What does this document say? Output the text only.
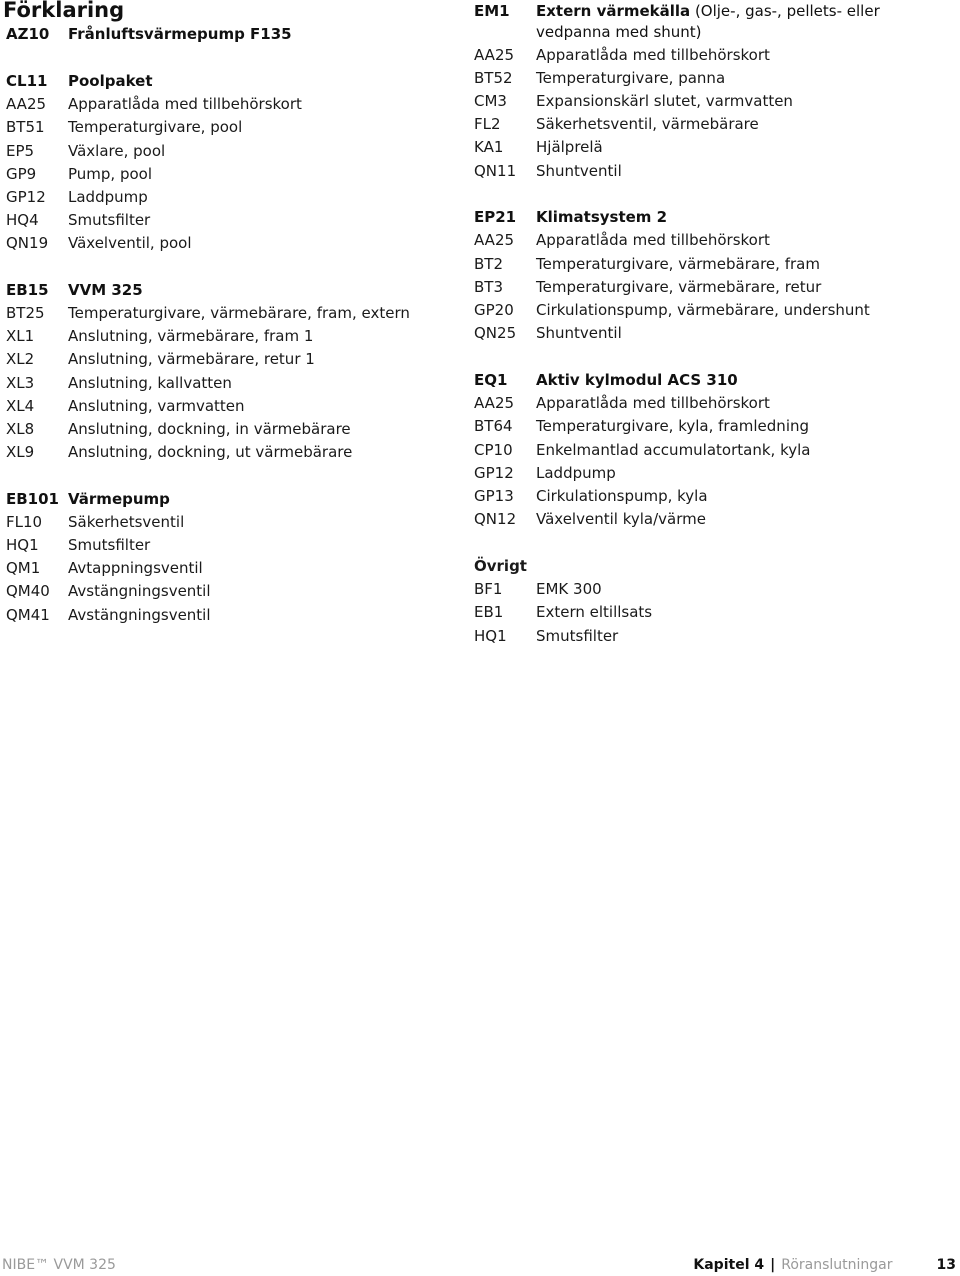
Förklaring
AZ10	Frånluftsvärmepump F135
CL11	Poolpaket
AA25	Apparatlåda med tillbehörskort
BT51	Temperaturgivare, pool
EP5	Växlare, pool
GP9	Pump, pool
GP12	Laddpump
HQ4	Smutsfilter
QN19	Växelventil, pool
EB15	VVM 325
BT25	Temperaturgivare, värmebärare, fram, extern
XL1	Anslutning, värmebärare, fram 1
XL2	Anslutning, värmebärare, retur 1
XL3	Anslutning, kallvatten
XL4	Anslutning, varmvatten
XL8	Anslutning, dockning, in värmebärare
XL9	Anslutning, dockning, ut värmebärare
EB101 Värmepump
FL10	Säkerhetsventil
HQ1	Smutsfilter
QM1	Avtappningsventil
QM40	Avstängningsventil
QM41	Avstängningsventil
EM1	Extern värmekälla (Olje-, gas-, pellets- eller
vedpanna med shunt)
AA25	Apparatlåda med tillbehörskort
BT52	Temperaturgivare, panna
CM3	Expansionskärl slutet, varmvatten
FL2	Säkerhetsventil, värmebärare
KA1	Hjälprelä
QN11	Shuntventil
EP21	Klimatsystem 2
AA25	Apparatlåda med tillbehörskort
BT2	Temperaturgivare, värmebärare, fram
BT3	Temperaturgivare, värmebärare, retur
GP20	Cirkulationspump, värmebärare, undershunt
QN25	Shuntventil
EQ1	Aktiv kylmodul ACS 310
AA25	Apparatlåda med tillbehörskort
BT64	Temperaturgivare, kyla, framledning
CP10	Enkelmantlad accumulatortank, kyla
GP12	Laddpump
GP13	Cirkulationspump, kyla
QN12	Växelventil kyla/värme
Övrigt
BF1	EMK 300
EB1	Extern eltillsats
HQ1	Smutsfilter
NIBE™ VVM 325	Kapitel 4 | Röranslutningar	13
